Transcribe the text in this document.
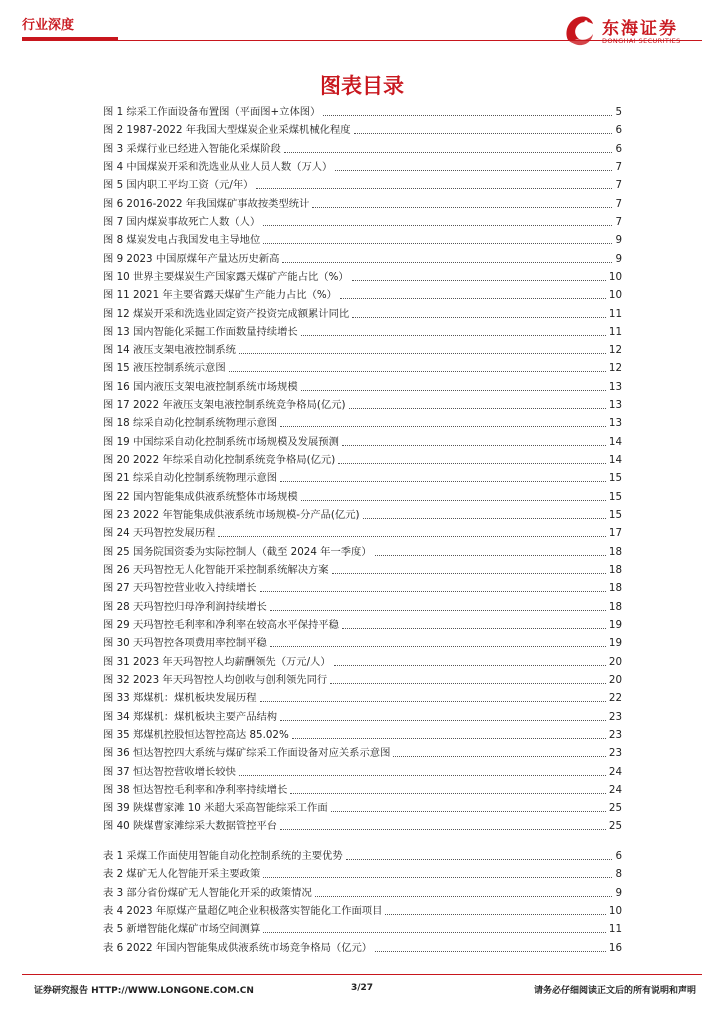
行业深度	东海证券
DONGHAI SECURITIES
图表目录
图 1 综采工作面设备布置图（平面图+立体图）	5
图 2 1987-2022 年我国大型煤炭企业采煤机械化程度	6
图 3 采煤行业已经进入智能化采煤阶段	6
图 4 中国煤炭开采和洗选业从业人员人数（万人）	7
图 5 国内职工平均工资（元/年）	7
图 6 2016-2022 年我国煤矿事故按类型统计	7
图 7 国内煤炭事故死亡人数（人）	7
图 8 煤炭发电占我国发电主导地位	9
图 9 2023 中国原煤年产量达历史新高	9
图 10 世界主要煤炭生产国家露天煤矿产能占比（%）	10
图 11 2021 年主要省露天煤矿生产能力占比（%）	10
图 12 煤炭开采和洗选业固定资产投资完成额累计同比	11
图 13 国内智能化采掘工作面数量持续增长	11
图 14 液压支架电液控制系统	12
图 15 液压控制系统示意图	12
图 16 国内液压支架电液控制系统市场规模	13
图 17 2022 年液压支架电液控制系统竞争格局(亿元)	13
图 18 综采自动化控制系统物理示意图	13
图 19 中国综采自动化控制系统市场规模及发展预测	14
图 20 2022 年综采自动化控制系统竞争格局(亿元)	14
图 21 综采自动化控制系统物理示意图	15
图 22 国内智能集成供液系统整体市场规模	15
图 23 2022 年智能集成供液系统市场规模-分产品(亿元)	15
图 24 天玛智控发展历程	17
图 25 国务院国资委为实际控制人（截至 2024 年一季度）	18
图 26 天玛智控无人化智能开采控制系统解决方案	18
图 27 天玛智控营业收入持续增长	18
图 28 天玛智控归母净利润持续增长	18
图 29 天玛智控毛利率和净利率在较高水平保持平稳	19
图 30 天玛智控各项费用率控制平稳	19
图 31 2023 年天玛智控人均薪酬领先（万元/人）	20
图 32 2023 年天玛智控人均创收与创利领先同行	20
图 33 郑煤机：煤机板块发展历程	22
图 34 郑煤机：煤机板块主要产品结构	23
图 35 郑煤机控股恒达智控高达 85.02%	23
图 36 恒达智控四大系统与煤矿综采工作面设备对应关系示意图	23
图 37 恒达智控营收增长较快	24
图 38 恒达智控毛利率和净利率持续增长	24
图 39 陕煤曹家滩 10 米超大采高智能综采工作面	25
图 40 陕煤曹家滩综采大数据管控平台	25
表 1 采煤工作面使用智能自动化控制系统的主要优势	6
表 2 煤矿无人化智能开采主要政策	8
表 3 部分省份煤矿无人智能化开采的政策情况	9
表 4 2023 年原煤产量超亿吨企业积极落实智能化工作面项目	10
表 5 新增智能化煤矿市场空间测算	11
表 6 2022 年国内智能集成供液系统市场竞争格局（亿元）	16
证券研究报告 HTTP://WWW.LONGONE.COM.CN	3/27	请务必仔细阅读正文后的所有说明和声明
